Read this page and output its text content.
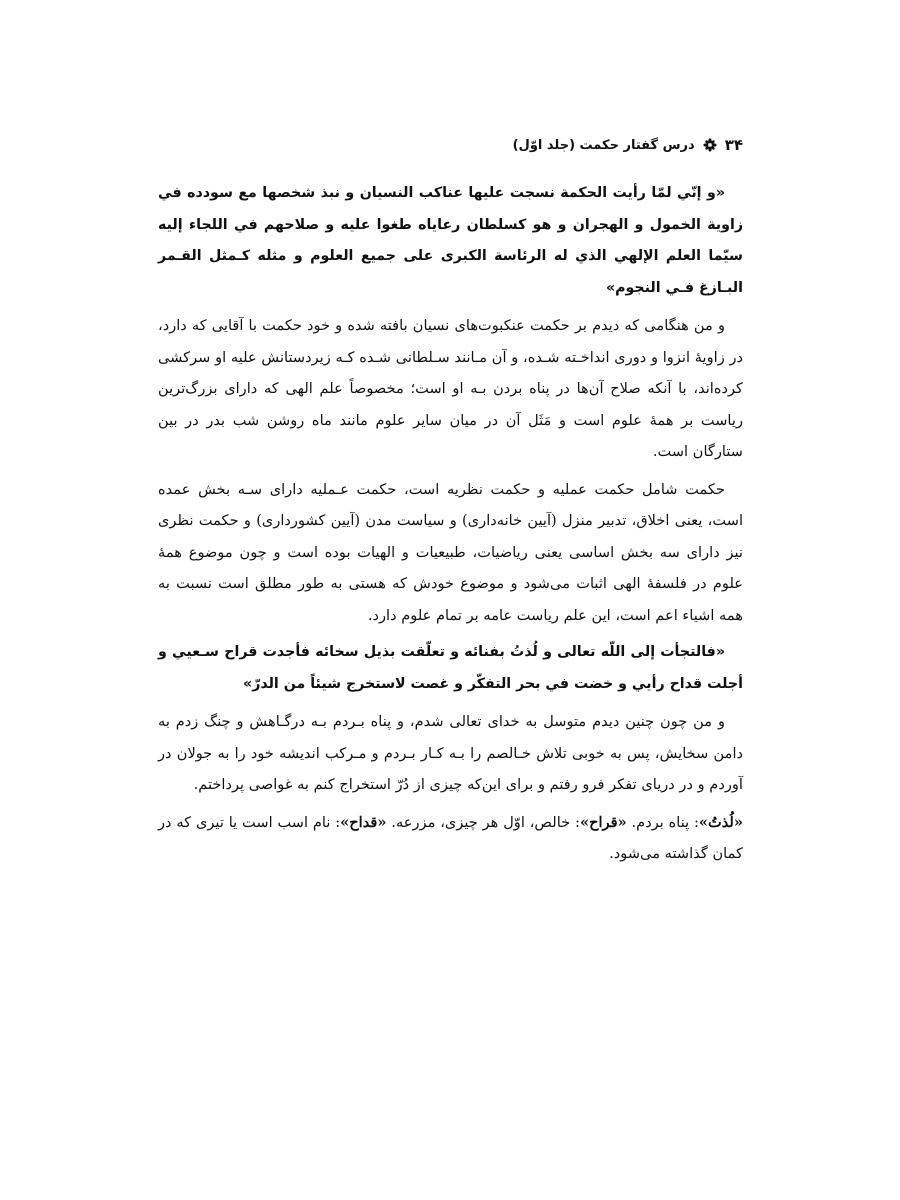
۳۴
درس گفتار حکمت (جلد اوّل)

«و إنّي لمّا رأيت الحكمة نسجت عليها عناكب النسيان و نبذ شخصها مع سودده في زاوية الخمول و الهجران و هو كسلطان رعاياه طغوا عليه و صلاحهم في اللجاء إليه سيّما العلم الإلهي الذي له الرئاسة الكبرى على جميع العلوم و مثله كـمثل القـمر البـازغ فـي النجوم»

و من هنگامی که دیدم بر حکمت عنکبوت‌های نسیان بافته شده و خود حکمت با آقایی که دارد، در زاویهٔ انزوا و دوری انداخـته شـده، و آن مـانند سـلطانی شـده کـه زیردستانش علیه او سرکشی کرده‌اند، با آنکه صلاح آن‌ها در پناه بردن بـه او است؛ مخصوصاً علم الهی که دارای بزرگ‌ترین ریاست بر همهٔ علوم است و مَثَل آن در میان سایر علوم مانند ماه روشن شب بدر در بین ستارگان است.

حکمت شامل حکمت عملیه و حکمت نظریه است، حکمت عـملیه دارای سـه بخش عمده است، یعنی اخلاق، تدبیر منزل (آیین خانه‌داری) و سیاست مدن (آیین کشورداری) و حکمت نظری نیز دارای سه بخش اساسی یعنی ریاضیات، طبیعیات و الهیات بوده است و چون موضوع همهٔ علوم در فلسفهٔ الهی اثبات می‌شود و موضوع خودش که هستی به طور مطلق است نسبت به همه اشیاء اعم است، این علم ریاست عامه بر تمام علوم دارد.

«فالتجأت إلى اللّه تعالى و لُذتُ بفنائه و تعلّقت بذيل سخائه فأجدت قراح سـعيي و أجلت قداح رأيي و خضت في بحر التفكّر و غصت لاستخرج شيئاً من الدرّ»

و من چون چنین دیدم متوسل به خدای تعالی شدم، و پناه بـردم بـه درگـاهش و چنگ زدم به دامن سخایش، پس به خوبی تلاش خـالصم را بـه کـار بـردم و مـرکب اندیشه خود را به جولان در آوردم و در دریای تفکر فرو رفتم و برای این‌که چیزی از دُرّ استخراج کنم به غواصی پرداختم.

«لُذتُ»: پناه بردم. «قراح»: خالص، اوّل هر چیزی، مزرعه. «قداح»: نام اسب است یا تیری که در کمان گذاشته می‌شود.
